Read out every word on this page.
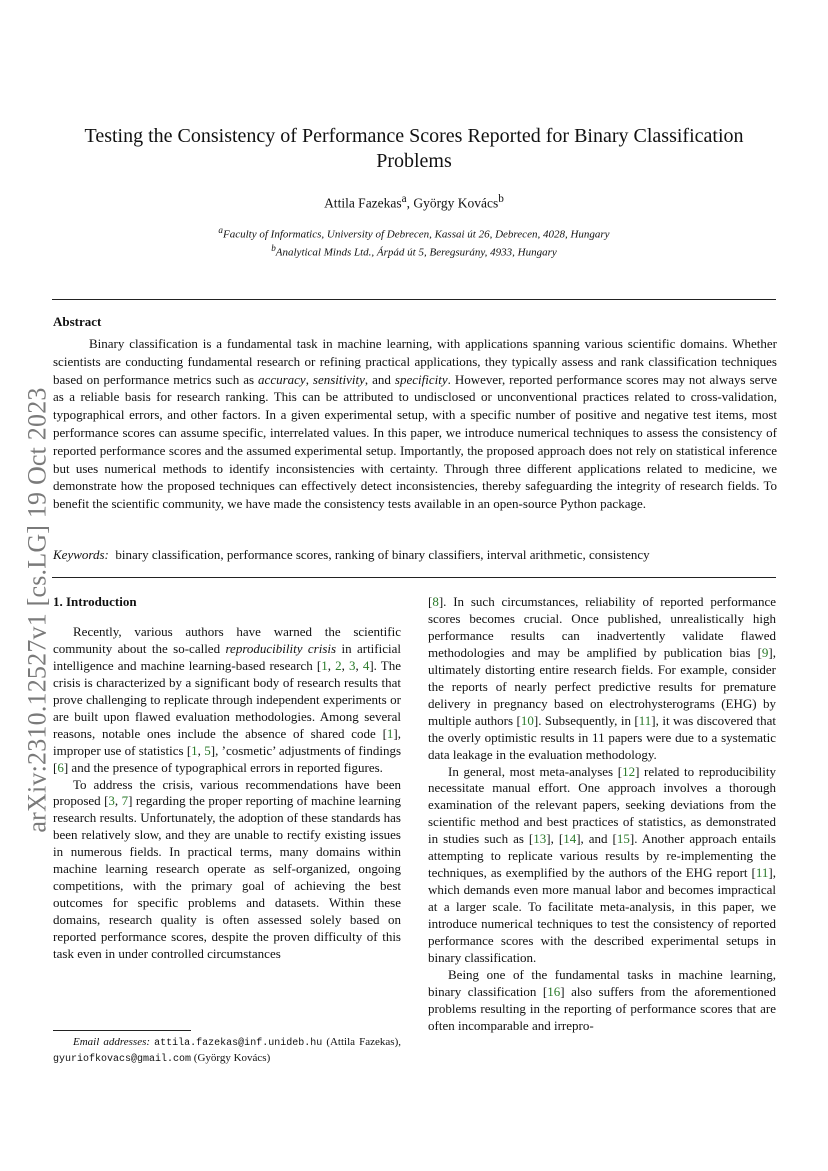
arXiv:2310.12527v1 [cs.LG] 19 Oct 2023
Testing the Consistency of Performance Scores Reported for Binary Classification Problems

Attila Fazekas$^a$, György Kovács$^b$

$^a$Faculty of Informatics, University of Debrecen, Kassai út 26, Debrecen, 4028, Hungary
$^b$Analytical Minds Ltd., Árpád út 5, Beregsurány, 4933, Hungary
Abstract

Binary classification is a fundamental task in machine learning, with applications spanning various scientific domains. Whether scientists are conducting fundamental research or refining practical applications, they typically assess and rank classification techniques based on performance metrics such as accuracy, sensitivity, and specificity. However, reported performance scores may not always serve as a reliable basis for research ranking. This can be attributed to undisclosed or unconventional practices related to cross-validation, typographical errors, and other factors. In a given experimental setup, with a specific number of positive and negative test items, most performance scores can assume specific, interrelated values. In this paper, we introduce numerical techniques to assess the consistency of reported performance scores and the assumed experimental setup. Importantly, the proposed approach does not rely on statistical inference but uses numerical methods to identify inconsistencies with certainty. Through three different applications related to medicine, we demonstrate how the proposed techniques can effectively detect inconsistencies, thereby safeguarding the integrity of research fields. To benefit the scientific community, we have made the consistency tests available in an open-source Python package.

Keywords: binary classification, performance scores, ranking of binary classifiers, interval arithmetic, consistency

1. Introduction

Recently, various authors have warned the scientific community about the so-called reproducibility crisis in artificial intelligence and machine learning-based research [1, 2, 3, 4]. The crisis is characterized by a significant body of research results that prove challenging to replicate through independent experiments or are built upon flawed evaluation methodologies. Among several reasons, notable ones include the absence of shared code [1], improper use of statistics [1, 5], ’cosmetic’ adjustments of findings [6] and the presence of typographical errors in reported figures.

To address the crisis, various recommendations have been proposed [3, 7] regarding the proper reporting of machine learning research results. Unfortunately, the adoption of these standards has been relatively slow, and they are unable to rectify existing issues in numerous fields. In practical terms, many domains within machine learning research operate as self-organized, ongoing competitions, with the primary goal of achieving the best outcomes for specific problems and datasets. Within these domains, research quality is often assessed solely based on reported performance scores, despite the proven difficulty of this task even in under controlled circumstances

[8]. In such circumstances, reliability of reported performance scores becomes crucial. Once published, unrealistically high performance results can inadvertently validate flawed methodologies and may be amplified by publication bias [9], ultimately distorting entire research fields. For example, consider the reports of nearly perfect predictive results for premature delivery in pregnancy based on electrohysterograms (EHG) by multiple authors [10]. Subsequently, in [11], it was discovered that the overly optimistic results in 11 papers were due to a systematic data leakage in the evaluation methodology.

In general, most meta-analyses [12] related to reproducibility necessitate manual effort. One approach involves a thorough examination of the relevant papers, seeking deviations from the scientific method and best practices of statistics, as demonstrated in studies such as [13], [14], and [15]. Another approach entails attempting to replicate various results by re-implementing the techniques, as exemplified by the authors of the EHG report [11], which demands even more manual labor and becomes impractical at a larger scale. To facilitate meta-analysis, in this paper, we introduce numerical techniques to test the consistency of reported performance scores with the described experimental setups in binary classification.

Being one of the fundamental tasks in machine learning, binary classification [16] also suffers from the aforementioned problems resulting in the reporting of performance scores that are often incomparable and irrepro-

Email addresses: attila.fazekas@inf.unideb.hu (Attila Fazekas), gyuriofkovacs@gmail.com (György Kovács)
